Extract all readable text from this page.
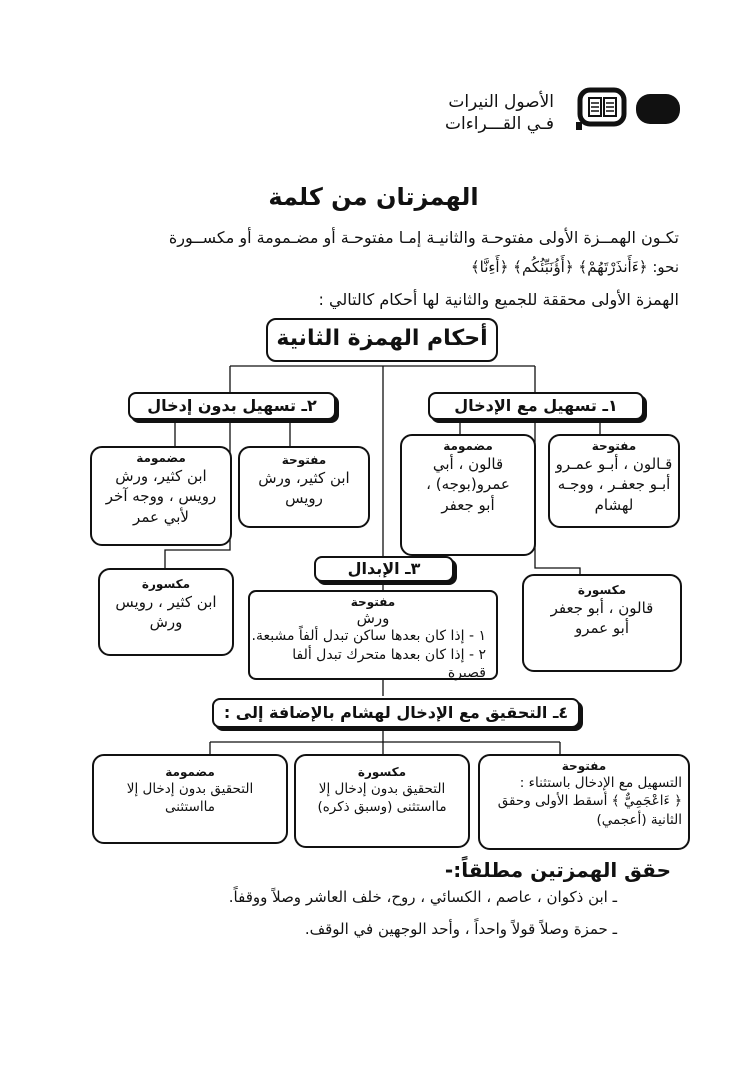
الأصول النيرات
فـي القـــراءات
الهمزتان من كلمة
تكـون الهمــزة الأولى مفتوحـة والثانيـة إمـا مفتوحـة أو مضـمومة أو مكســورة
نحو: ﴿ءَأَنذَرْتَهُمْ﴾ ﴿أَؤُنَبِّئُكُم﴾ ﴿أَءِنَّا﴾
الهمزة الأولى محققة للجميع والثانية لها أحكام كالتالي :
أحكام الهمزة الثانية
١ـ تسهيل مع الإدخال
٢ـ تسهيل بدون إدخال
٣ـ الإبدال
٤ـ التحقيق مع الإدخال لهشام بالإضافة إلى :
مفتوحة
قـالون ، أبـو عمـرو
أبـو جعفـر ، ووجـه
لهشام
مضمومة
قالون ، أبي
عمرو(بوجه) ،
أبو جعفر
مكسورة
قالون ، أبو جعفر
أبو عمرو
مفتوحة
ابن كثير، ورش
رويس
مضمومة
ابن كثير، ورش
رويس ، ووجه آخر
لأبي عمر
مكسورة
ابن كثير ، رويس
ورش
مفتوحة
ورش
١ - إذا كان بعدها ساكن تبدل ألفاً مشبعة.
٢ - إذا كان بعدها متحرك تبدل ألفا قصيرة
مفتوحة
التسهيل مع الإدخال باستثناء :
﴿ ءَاعْجَمِيٌّ ﴾ أسقط الأولى وحقق
الثانية (أعجمي)
مكسورة
التحقيق بدون إدخال إلا
مااستثنى (وسبق ذكره)
مضمومة
التحقيق بدون إدخال إلا
مااستثنى
حقق الهمزتين مطلقاً:-
ـ ابن ذكوان ، عاصم ، الكسائي ، روح، خلف العاشر وصلاً ووقفاً.
ـ حمزة وصلاً قولاً واحداً ، وأحد الوجهين في الوقف.
